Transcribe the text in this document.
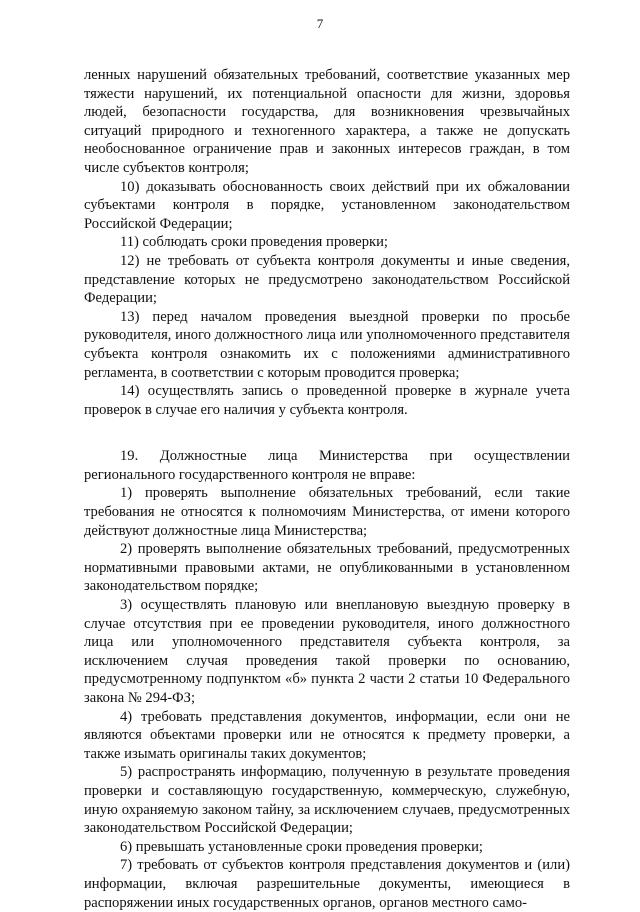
7

ленных нарушений обязательных требований, соответствие указанных мер тяжести нарушений, их потенциальной опасности для жизни, здоровья людей, безопасности государства, для возникновения чрезвычайных ситуаций природного и техногенного характера, а также не допускать необоснованное ограничение прав и законных интересов граждан, в том числе субъектов контроля;

10) доказывать обоснованность своих действий при их обжаловании субъектами контроля в порядке, установленном законодательством Российской Федерации;

11) соблюдать сроки проведения проверки;

12) не требовать от субъекта контроля документы и иные сведения, представление которых не предусмотрено законодательством Российской Федерации;

13) перед началом проведения выездной проверки по просьбе руководителя, иного должностного лица или уполномоченного представителя субъекта контроля ознакомить их с положениями административного регламента, в соответствии с которым проводится проверка;

14) осуществлять запись о проведенной проверке в журнале учета проверок в случае его наличия у субъекта контроля.

19. Должностные лица Министерства при осуществлении регионального государственного контроля не вправе:

1) проверять выполнение обязательных требований, если такие требования не относятся к полномочиям Министерства, от имени которого действуют должностные лица Министерства;

2) проверять выполнение обязательных требований, предусмотренных нормативными правовыми актами, не опубликованными в установленном законодательством порядке;

3) осуществлять плановую или внеплановую выездную проверку в случае отсутствия при ее проведении руководителя, иного должностного лица или уполномоченного представителя субъекта контроля, за исключением случая проведения такой проверки по основанию, предусмотренному подпунктом «б» пункта 2 части 2 статьи 10 Федерального закона № 294-ФЗ;

4) требовать представления документов, информации, если они не являются объектами проверки или не относятся к предмету проверки, а также изымать оригиналы таких документов;

5) распространять информацию, полученную в результате проведения проверки и составляющую государственную, коммерческую, служебную, иную охраняемую законом тайну, за исключением случаев, предусмотренных законодательством Российской Федерации;

6) превышать установленные сроки проведения проверки;

7) требовать от субъектов контроля представления документов и (или) информации, включая разрешительные документы, имеющиеся в распоряжении иных государственных органов, органов местного само-
